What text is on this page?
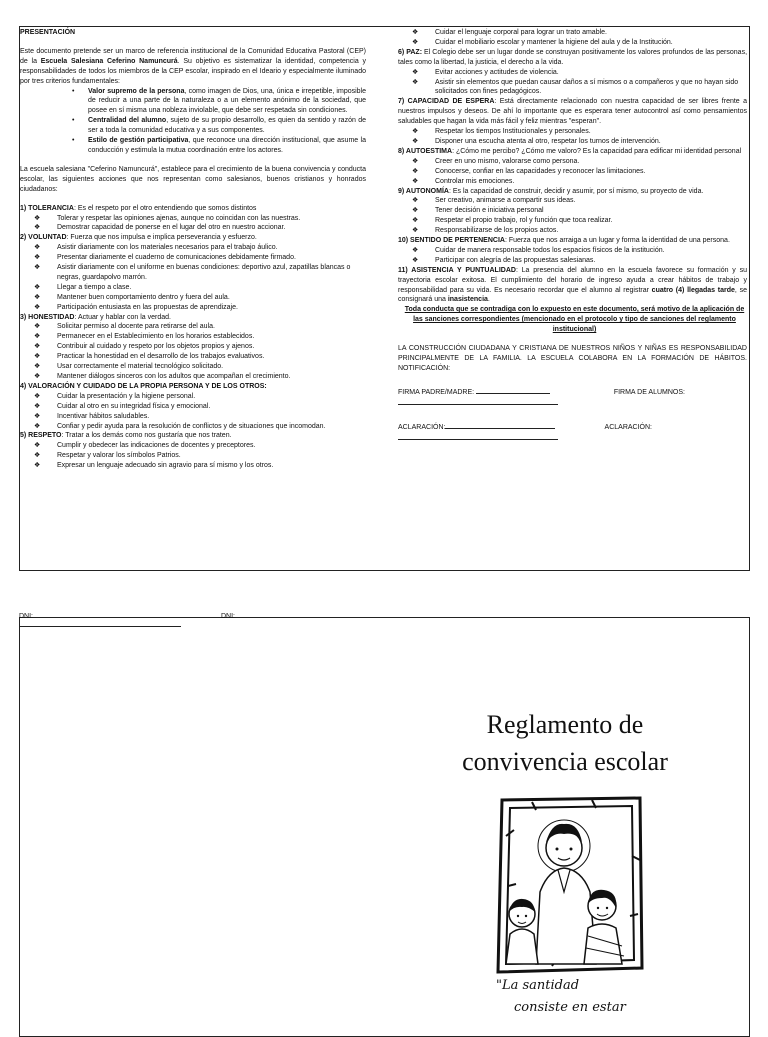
PRESENTACIÓN

Este documento pretende ser un marco de referencia institucional de la Comunidad Educativa Pastoral (CEP) de la Escuela Salesiana Ceferino Namuncurá. Su objetivo es sistematizar la identidad, competencia y responsabilidades de todos los miembros de la CEP escolar, inspirado en el Ideario y especialmente iluminado por tres criterios fundamentales:

•	Valor supremo de la persona, como imagen de Dios, una, única e irrepetible, imposible de reducir a una parte de la naturaleza o a un elemento anónimo de la sociedad, que posee en sí misma una nobleza inviolable, que debe ser respetada sin condiciones.
•	Centralidad del alumno, sujeto de su propio desarrollo, es quien da sentido y razón de ser a toda la comunidad educativa y a sus componentes.
•	Estilo de gestión participativa, que reconoce una dirección institucional, que asume la conducción y estimula la mutua coordinación entre los actores.

La escuela salesiana "Ceferino Namuncurá", establece para el crecimiento de la buena convivencia y conducta escolar, las siguientes acciones que nos representan como salesianos, buenos cristianos y honrados ciudadanos:

1) TOLERANCIA: Es el respeto por el otro entendiendo que somos distintos

❖	Tolerar y respetar las opiniones ajenas, aunque no coincidan con las nuestras.
❖	Demostrar capacidad de ponerse en el lugar del otro en nuestro accionar.

2) VOLUNTAD: Fuerza que nos impulsa e implica perseverancia y esfuerzo.

❖	Asistir diariamente con los materiales necesarios para el trabajo áulico.
❖	Presentar diariamente el cuaderno de comunicaciones debidamente firmado.
❖	Asistir diariamente con el uniforme en buenas condiciones: deportivo azul, zapatillas blancas o negras, guardapolvo marrón.
❖	Llegar a tiempo a clase.
❖	Mantener buen comportamiento dentro y fuera del aula.
❖	Participación entusiasta en las propuestas de aprendizaje.

3) HONESTIDAD: Actuar y hablar con la verdad.

❖	Solicitar permiso al docente para retirarse del aula.
❖	Permanecer en el Establecimiento en los horarios establecidos.
❖	Contribuir al cuidado y respeto por los objetos propios y ajenos.
❖	Practicar la honestidad en el desarrollo de los trabajos evaluativos.
❖	Usar correctamente el material tecnológico solicitado.
❖	Mantener diálogos sinceros con los adultos que acompañan el crecimiento.

4) VALORACIÓN Y CUIDADO DE LA PROPIA PERSONA Y DE LOS OTROS:

❖	Cuidar la presentación y la higiene personal.
❖	Cuidar al otro en su integridad física y emocional.
❖	Incentivar hábitos saludables.
❖	Confiar y pedir ayuda para la resolución de conflictos y de situaciones que incomodan.

5) RESPETO: Tratar a los demás como nos gustaría que nos traten.

❖	Cumplir y obedecer las indicaciones de docentes y preceptores.
❖	Respetar y valorar los símbolos Patrios.
❖	Expresar un lenguaje adecuado sin agravio para sí mismo y los otros.
❖	Cuidar el lenguaje corporal para lograr un trato amable.
❖	Cuidar el mobiliario escolar y mantener la higiene del aula y de la Institución.

6) PAZ: El Colegio debe ser un lugar donde se construyan positivamente los valores profundos de las personas, tales como la libertad, la justicia, el derecho a la vida.

❖	Evitar acciones y actitudes de violencia.
❖	Asistir sin elementos que puedan causar daños a sí mismos o a compañeros y que no hayan sido solicitados con fines pedagógicos.

7) CAPACIDAD DE ESPERA: Está directamente relacionado con nuestra capacidad de ser libres frente a nuestros impulsos y deseos. De ahí lo importante que es esperara tener autocontrol así como pensamientos saludables que hagan la vida más fácil y feliz mientras "esperan".

❖	Respetar los tiempos Institucionales y personales.
❖	Disponer una escucha atenta al otro, respetar los turnos de intervención.

8) AUTOESTIMA: ¿Cómo me percibo? ¿Cómo me valoro? Es la capacidad para edificar mi identidad personal

❖	Creer en uno mismo, valorarse como persona.
❖	Conocerse, confiar en las capacidades y reconocer las limitaciones.
❖	Controlar mis emociones.

9) AUTONOMÍA: Es la capacidad de construir, decidir y asumir, por sí mismo, su proyecto de vida.

❖	Ser creativo, animarse a compartir sus ideas.
❖	Tener decisión e iniciativa personal
❖	Respetar el propio trabajo, rol y función que toca realizar.
❖	Responsabilizarse de los propios actos.

10) SENTIDO DE PERTENENCIA: Fuerza que nos arraiga a un lugar y forma la identidad de una persona.

❖	Cuidar de manera responsable todos los espacios físicos de la institución.
❖	Participar con alegría de las propuestas salesianas.

11) ASISTENCIA Y PUNTUALIDAD: La presencia del alumno en la escuela favorece su formación y su trayectoria escolar exitosa. El cumplimiento del horario de ingreso ayuda a crear hábitos de trabajo y responsabilidad para su vida. Es necesario recordar que el alumno al registrar cuatro (4) llegadas tarde, se consignará una inasistencia.

Toda conducta que se contradiga con lo expuesto en este documento, será motivo de la aplicación de las sanciones correspondientes (mencionado en el protocolo y tipo de sanciones del reglamento institucional)

LA CONSTRUCCIÓN CIUDADANA Y CRISTIANA DE NUESTROS NIÑOS Y NIÑAS ES RESPONSABILIDAD PRINCIPALMENTE DE LA FAMILIA. LA ESCUELA COLABORA EN LA FORMACIÓN DE HÁBITOS. NOTIFICACIÓN:

FIRMA PADRE/MADRE:	FIRMA DE ALUMNOS:
ACLARACIÓN:	ACLARACIÓN:
DNI:	DNI:

Reglamento de
convivencia escolar
"La santidad
consiste en estar
